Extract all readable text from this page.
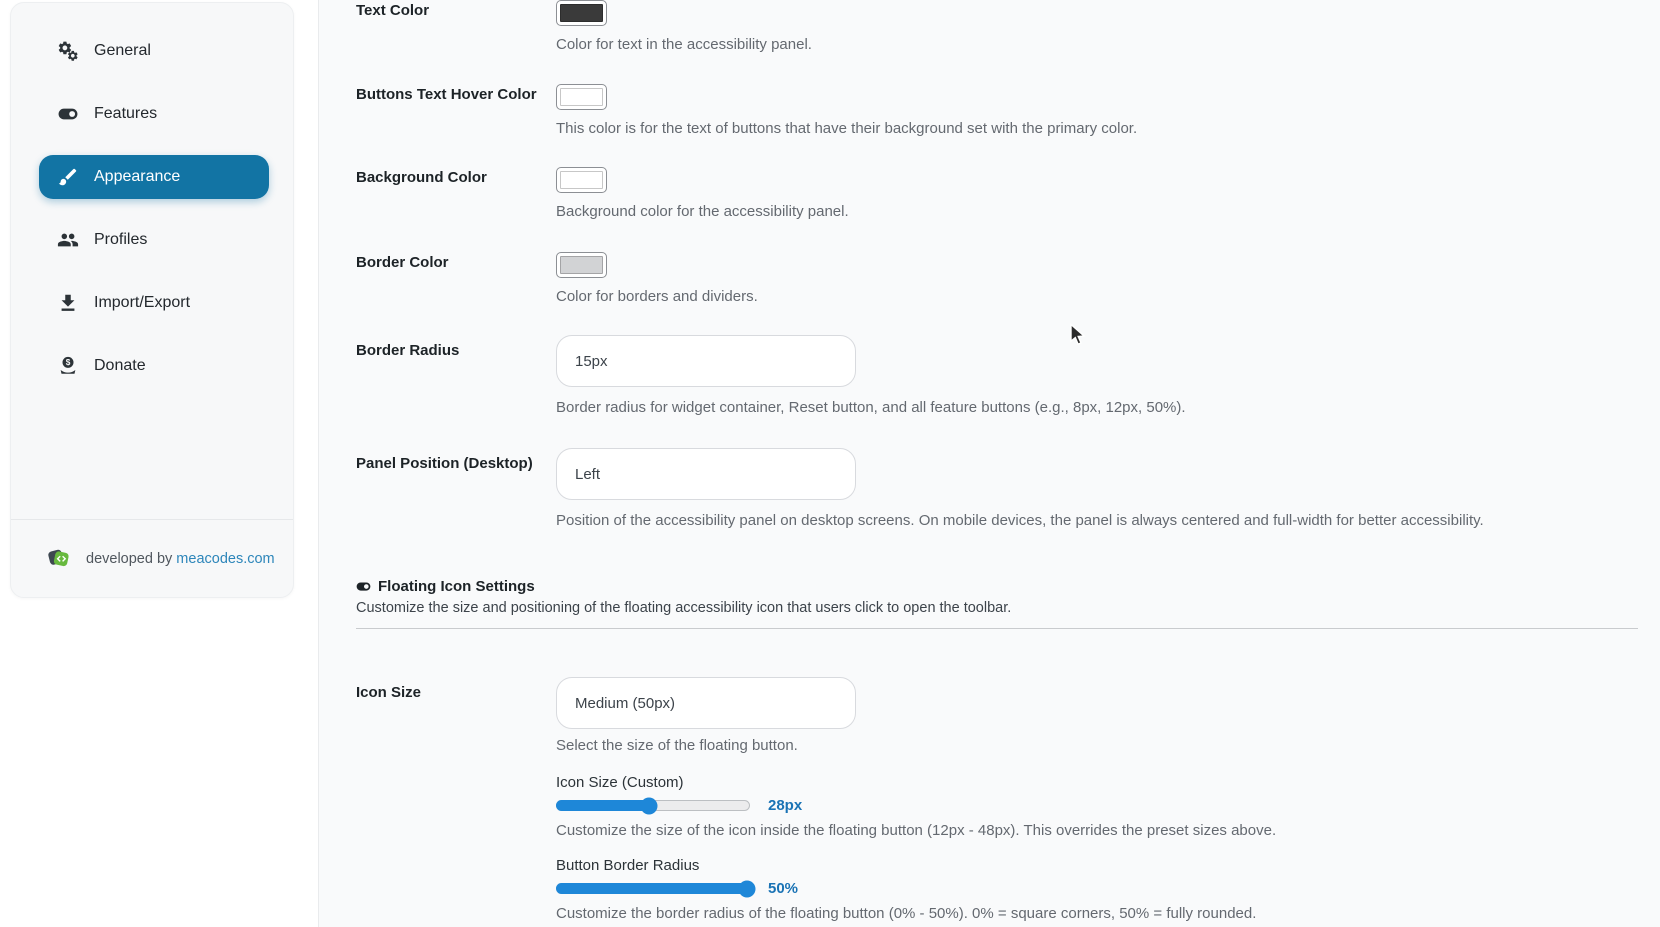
General
Features
Appearance
Profiles
Import/Export
$ Donate
developed by meacodes.com
Text Color
Color for text in the accessibility panel.
Buttons Text Hover Color
This color is for the text of buttons that have their background set with the primary color.
Background Color
Background color for the accessibility panel.
Border Color
Color for borders and dividers.
Border Radius
15px
Border radius for widget container, Reset button, and all feature buttons (e.g., 8px, 12px, 50%).
Panel Position (Desktop)
Left
Position of the accessibility panel on desktop screens. On mobile devices, the panel is always centered and full-width for better accessibility.
Floating Icon Settings
Customize the size and positioning of the floating accessibility icon that users click to open the toolbar.
Icon Size
Medium (50px)
Select the size of the floating button.
Icon Size (Custom)
28px
Customize the size of the icon inside the floating button (12px - 48px). This overrides the preset sizes above.
Button Border Radius
50%
Customize the border radius of the floating button (0% - 50%). 0% = square corners, 50% = fully rounded.
